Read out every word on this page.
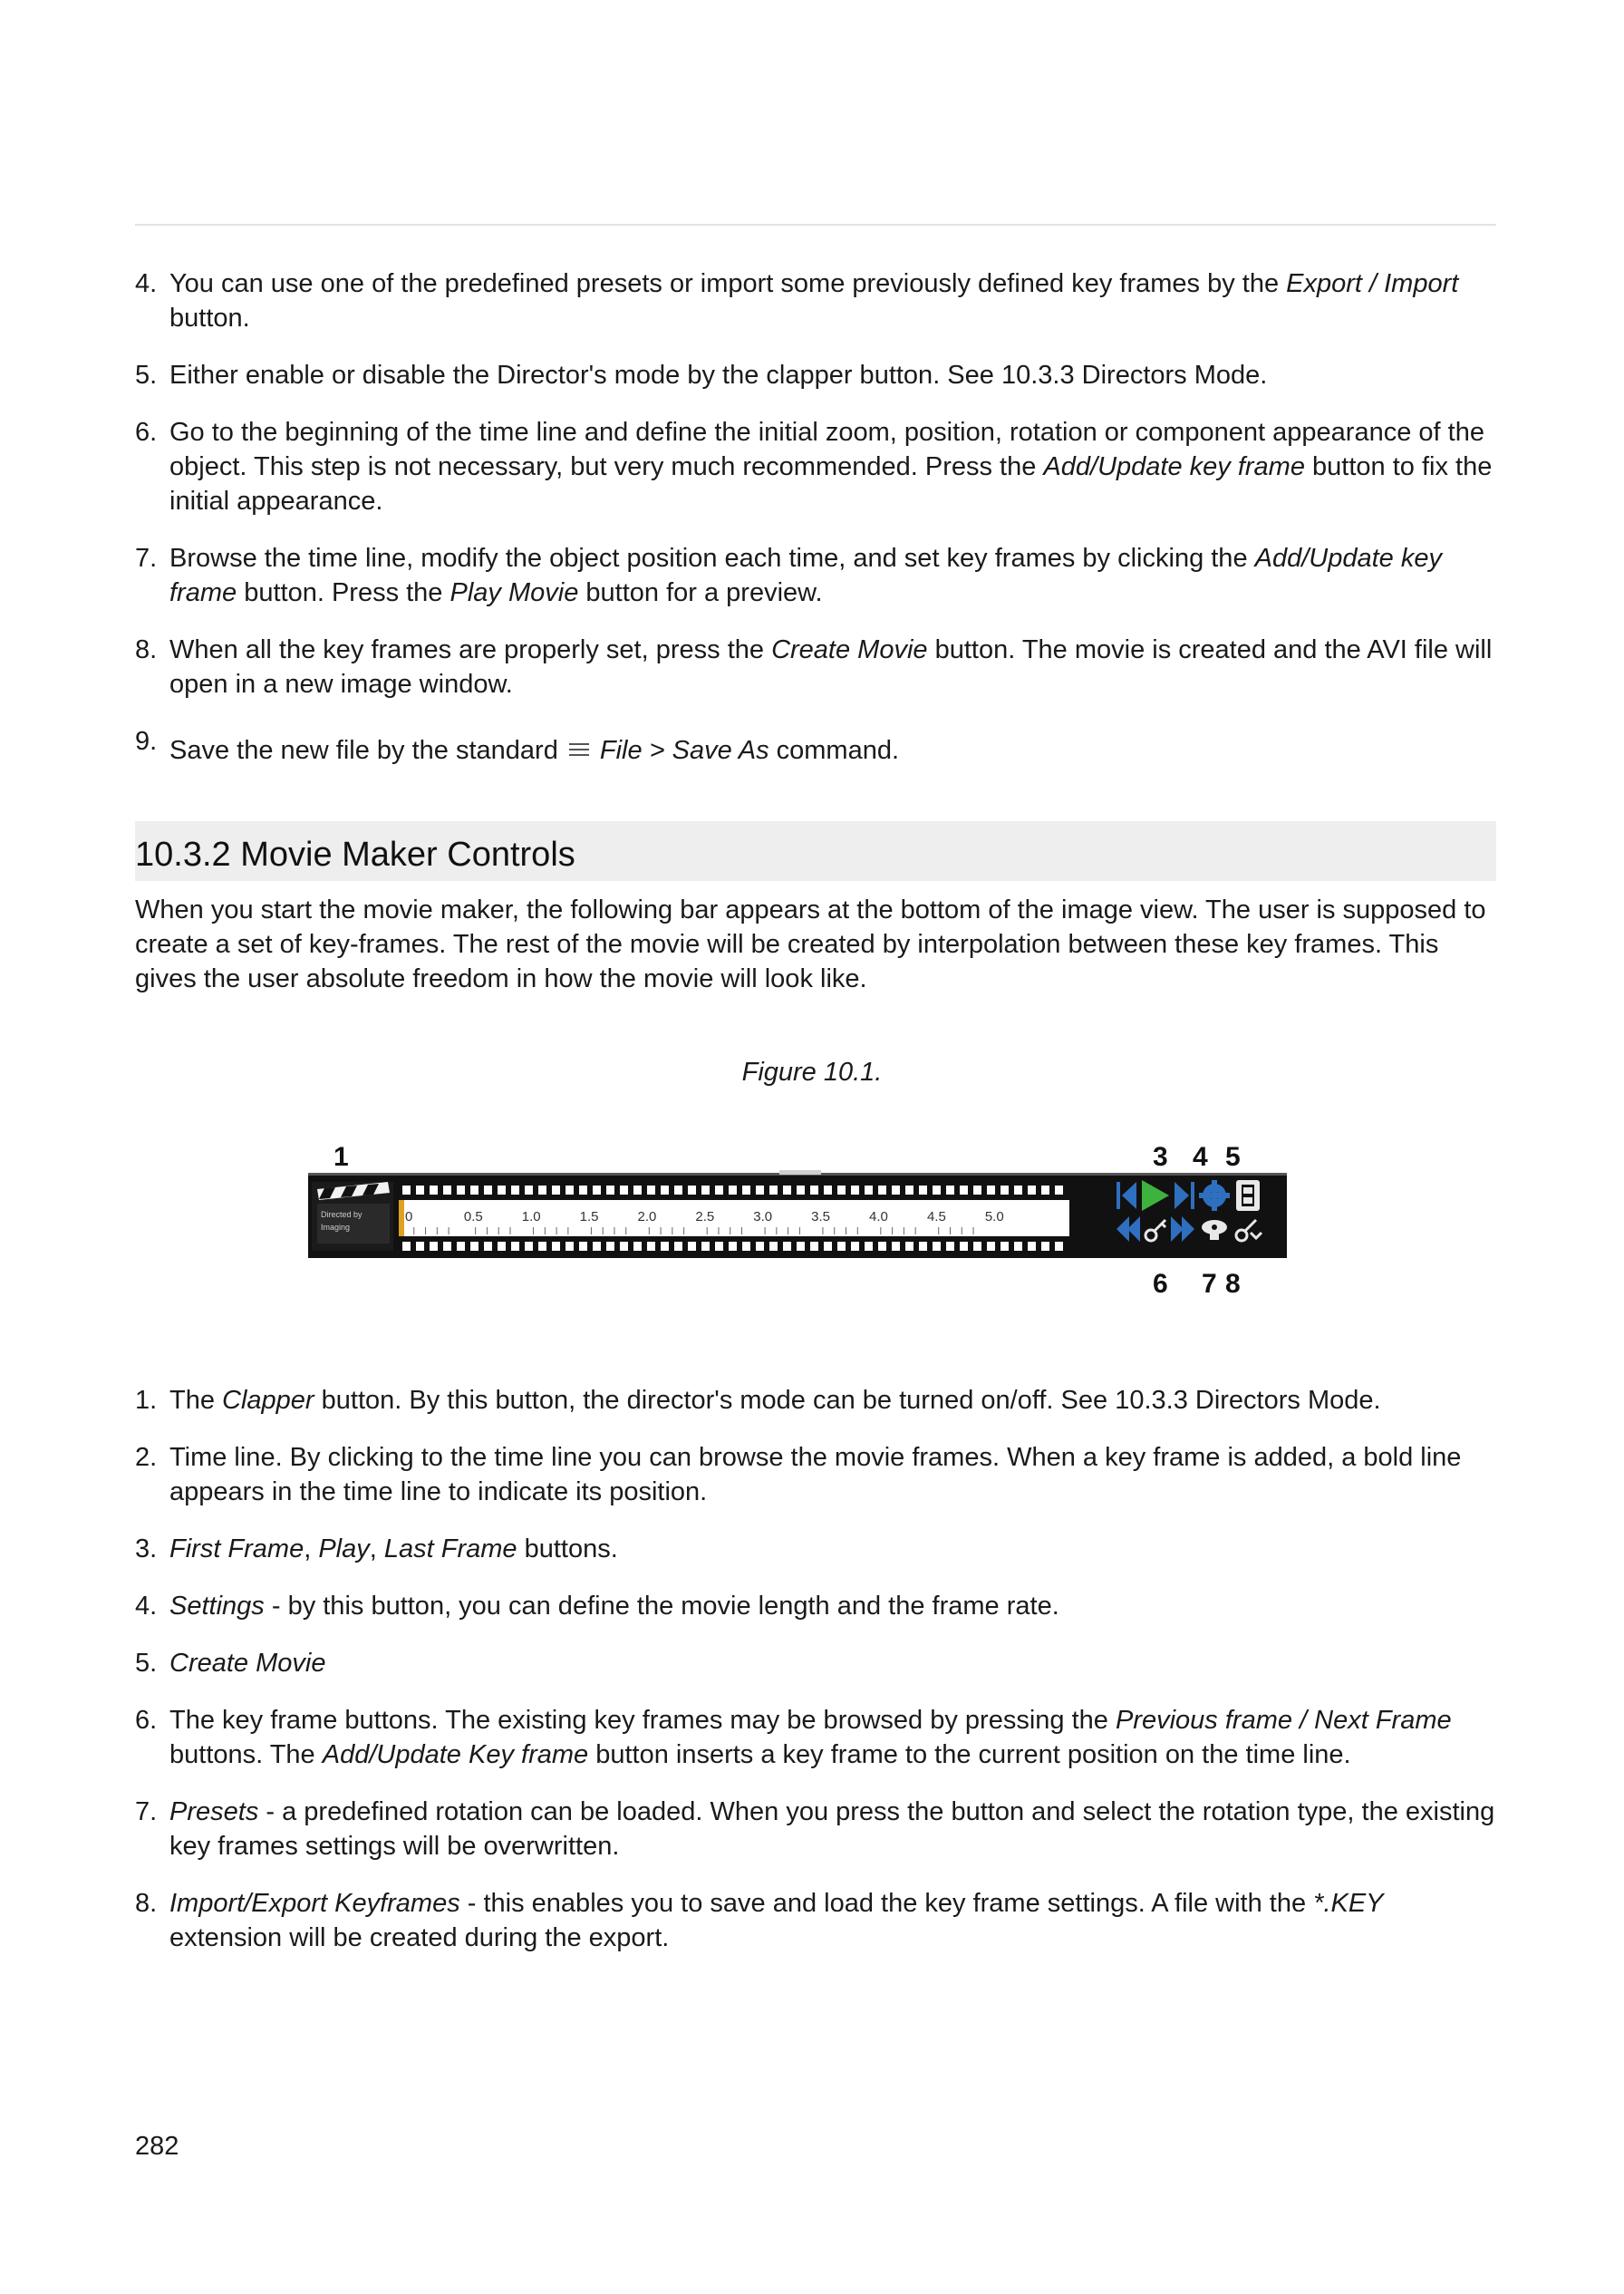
4. You can use one of the predefined presets or import some previously defined key frames by the Export / Import button.
5. Either enable or disable the Director's mode by the clapper button. See 10.3.3 Directors Mode.
6. Go to the beginning of the time line and define the initial zoom, position, rotation or component appearance of the object. This step is not necessary, but very much recommended. Press the Add/Update key frame button to fix the initial appearance.
7. Browse the time line, modify the object position each time, and set key frames by clicking the Add/Update key frame button. Press the Play Movie button for a preview.
8. When all the key frames are properly set, press the Create Movie button. The movie is created and the AVI file will open in a new image window.
9. Save the new file by the standard File > Save As command.
10.3.2 Movie Maker Controls

When you start the movie maker, the following bar appears at the bottom of the image view. The user is supposed to create a set of key-frames. The rest of the movie will be created by interpolation between these key frames. This gives the user absolute freedom in how the movie will look like.

Figure 10.1.

1	3 4 5
6 7 8
Directed by
Imaging
0	0.5	1.0	1.5	2.0	2.5	3.0	3.5	4.0	4.5	5.0
1. The Clapper button. By this button, the director's mode can be turned on/off. See 10.3.3 Directors Mode.
2. Time line. By clicking to the time line you can browse the movie frames. When a key frame is added, a bold line appears in the time line to indicate its position.
3. First Frame, Play, Last Frame buttons.
4. Settings - by this button, you can define the movie length and the frame rate.
5. Create Movie
6. The key frame buttons. The existing key frames may be browsed by pressing the Previous frame / Next Frame buttons. The Add/Update Key frame button inserts a key frame to the current position on the time line.
7. Presets - a predefined rotation can be loaded. When you press the button and select the rotation type, the existing key frames settings will be overwritten.
8. Import/Export Keyframes - this enables you to save and load the key frame settings. A file with the *.KEY extension will be created during the export.

282
